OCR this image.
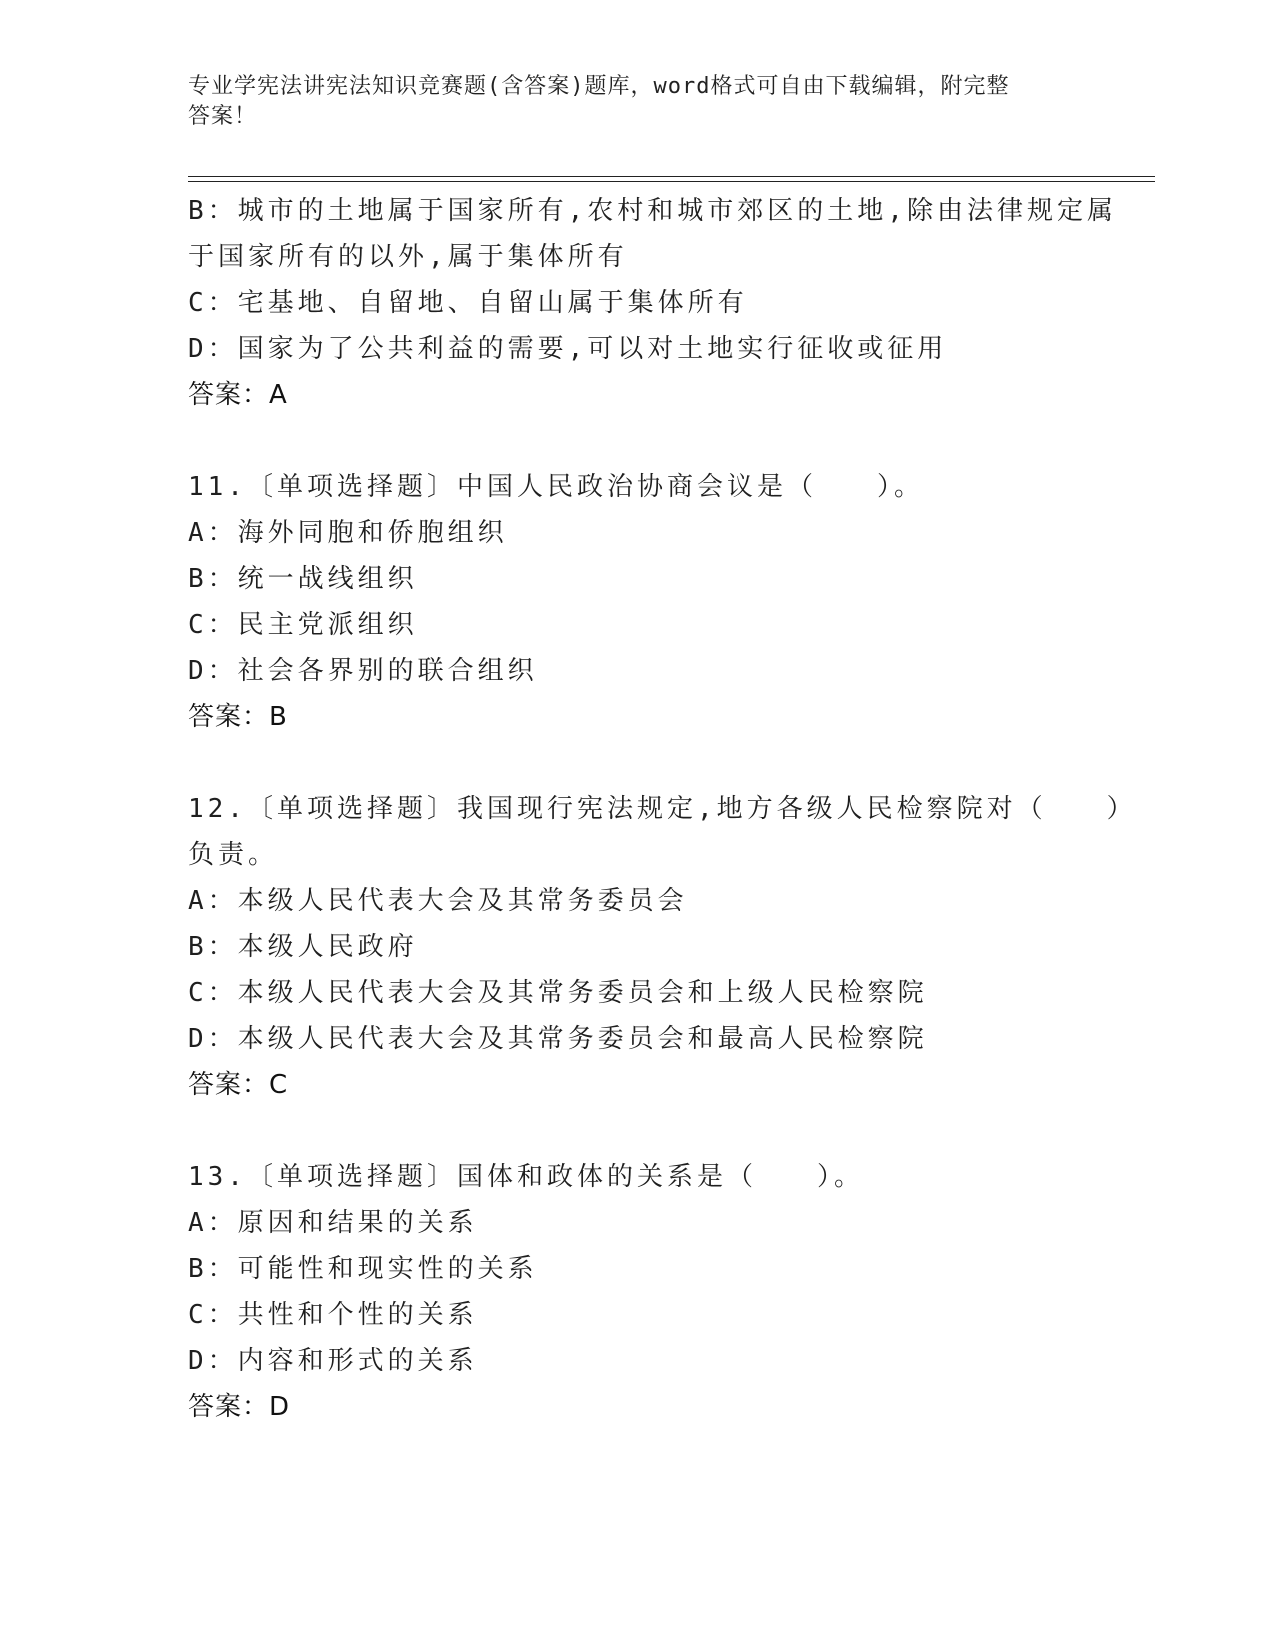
专业学宪法讲宪法知识竞赛题(含答案)题库，word格式可自由下载编辑，附完整
答案！
B：城市的土地属于国家所有,农村和城市郊区的土地,除由法律规定属
于国家所有的以外,属于集体所有
C：宅基地、自留地、自留山属于集体所有
D：国家为了公共利益的需要,可以对土地实行征收或征用
答案：A
11.〔单项选择题〕中国人民政治协商会议是（　　）。
A：海外同胞和侨胞组织
B：统一战线组织
C：民主党派组织
D：社会各界别的联合组织
答案：B
12.〔单项选择题〕我国现行宪法规定,地方各级人民检察院对（　　）
负责。
A：本级人民代表大会及其常务委员会
B：本级人民政府
C：本级人民代表大会及其常务委员会和上级人民检察院
D：本级人民代表大会及其常务委员会和最高人民检察院
答案：C
13.〔单项选择题〕国体和政体的关系是（　　）。
A：原因和结果的关系
B：可能性和现实性的关系
C：共性和个性的关系
D：内容和形式的关系
答案：D
